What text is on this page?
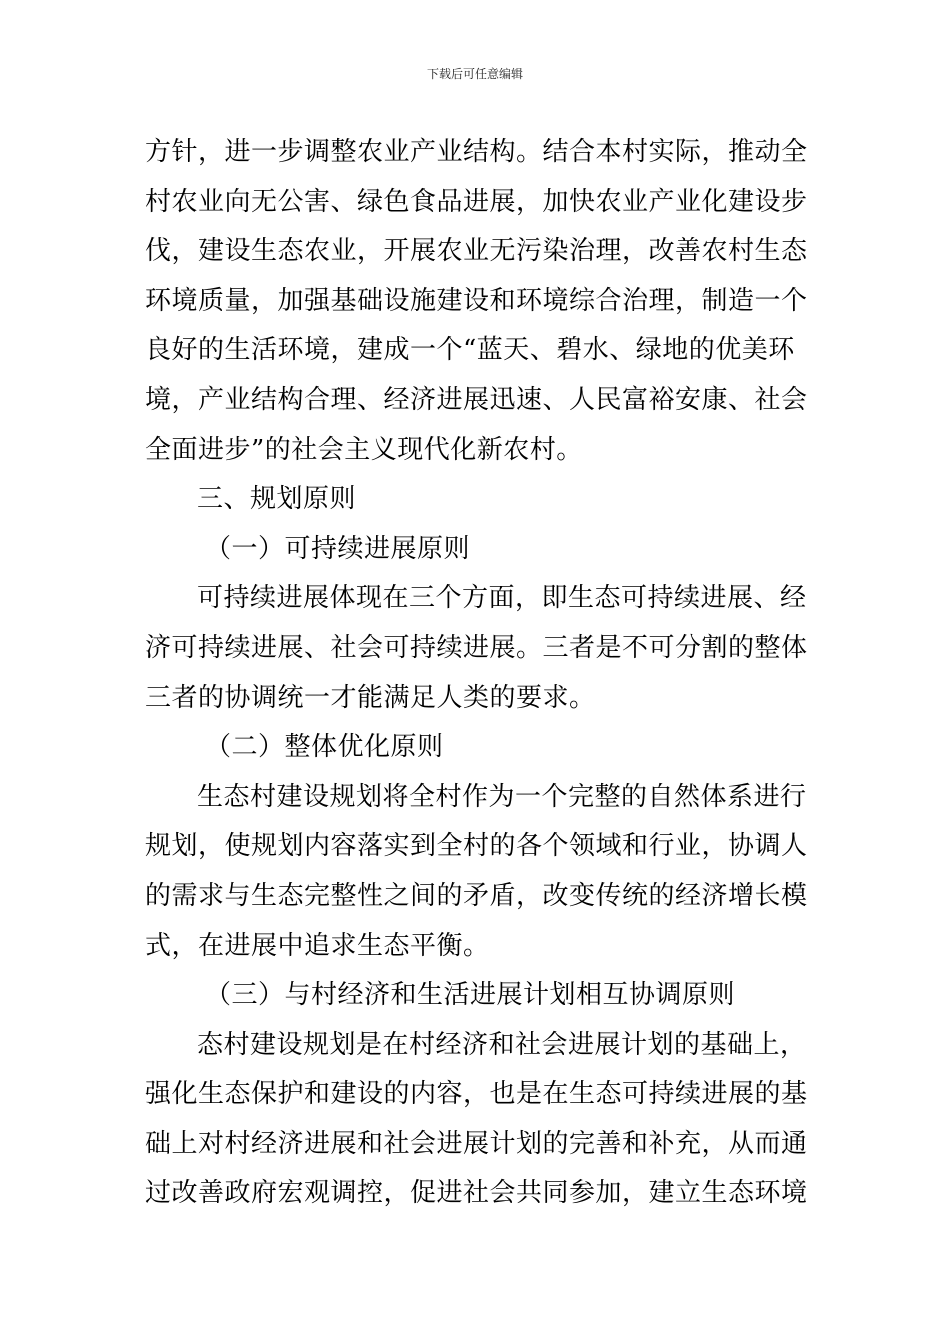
下载后可任意编辑
方针，进一步调整农业产业结构。结合本村实际，推动全
村农业向无公害、绿色食品进展，加快农业产业化建设步
伐，建设生态农业，开展农业无污染治理，改善农村生态
环境质量，加强基础设施建设和环境综合治理，制造一个
良好的生活环境，建成一个“蓝天、碧水、绿地的优美环
境，产业结构合理、经济进展迅速、人民富裕安康、社会
全面进步”的社会主义现代化新农村。
三、规划原则
（一）可持续进展原则
可持续进展体现在三个方面，即生态可持续进展、经
济可持续进展、社会可持续进展。三者是不可分割的整体
三者的协调统一才能满足人类的要求。
（二）整体优化原则
生态村建设规划将全村作为一个完整的自然体系进行
规划，使规划内容落实到全村的各个领域和行业，协调人
的需求与生态完整性之间的矛盾，改变传统的经济增长模
式，在进展中追求生态平衡。
（三）与村经济和生活进展计划相互协调原则
态村建设规划是在村经济和社会进展计划的基础上，
强化生态保护和建设的内容，也是在生态可持续进展的基
础上对村经济进展和社会进展计划的完善和补充，从而通
过改善政府宏观调控，促进社会共同参加，建立生态环境
